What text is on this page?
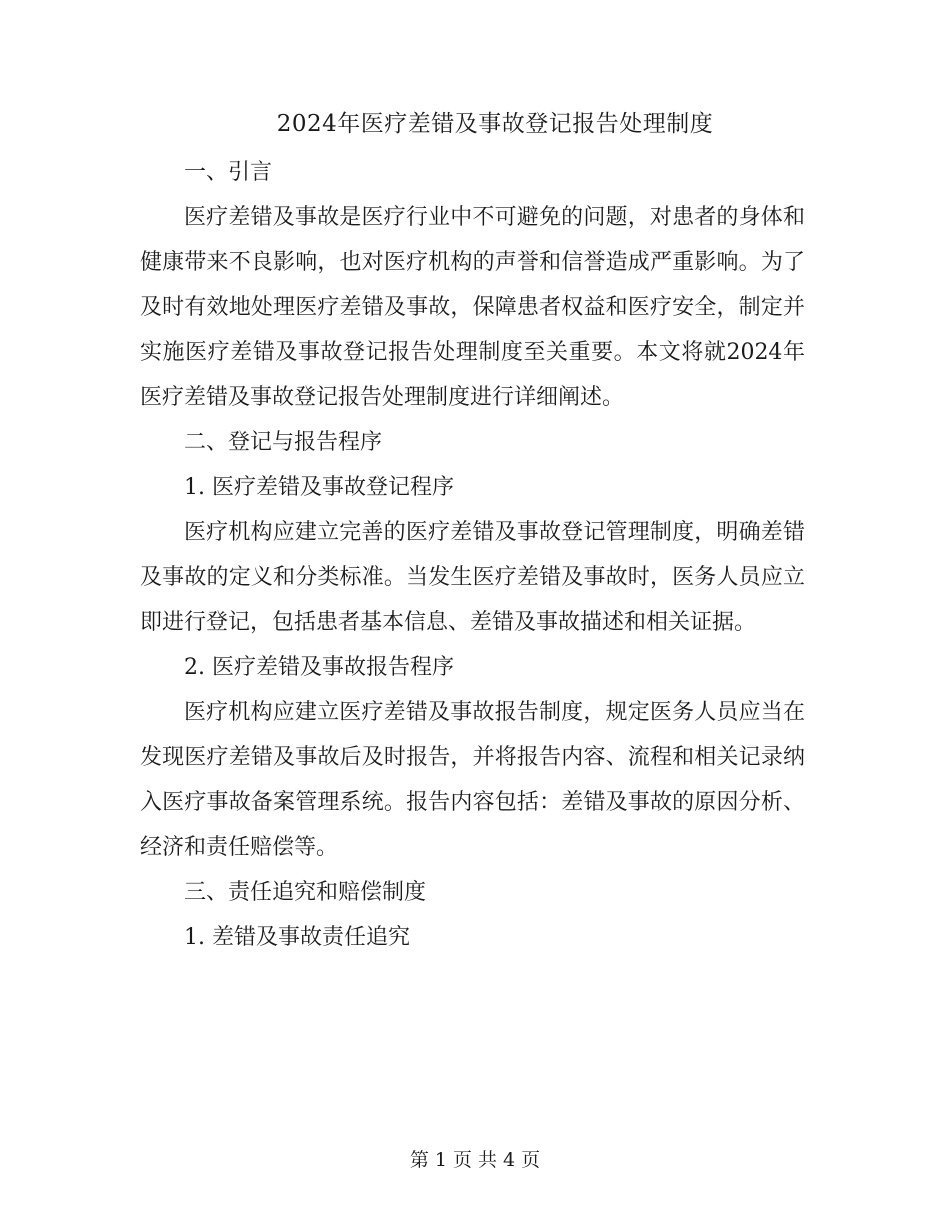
2024年医疗差错及事故登记报告处理制度

一、引言

医疗差错及事故是医疗行业中不可避免的问题，对患者的身体和健康带来不良影响，也对医疗机构的声誉和信誉造成严重影响。为了及时有效地处理医疗差错及事故，保障患者权益和医疗安全，制定并实施医疗差错及事故登记报告处理制度至关重要。本文将就2024年医疗差错及事故登记报告处理制度进行详细阐述。

二、登记与报告程序

1. 医疗差错及事故登记程序

医疗机构应建立完善的医疗差错及事故登记管理制度，明确差错及事故的定义和分类标准。当发生医疗差错及事故时，医务人员应立即进行登记，包括患者基本信息、差错及事故描述和相关证据。

2. 医疗差错及事故报告程序

医疗机构应建立医疗差错及事故报告制度，规定医务人员应当在发现医疗差错及事故后及时报告，并将报告内容、流程和相关记录纳入医疗事故备案管理系统。报告内容包括：差错及事故的原因分析、经济和责任赔偿等。

三、责任追究和赔偿制度

1. 差错及事故责任追究

第 1 页 共 4 页
